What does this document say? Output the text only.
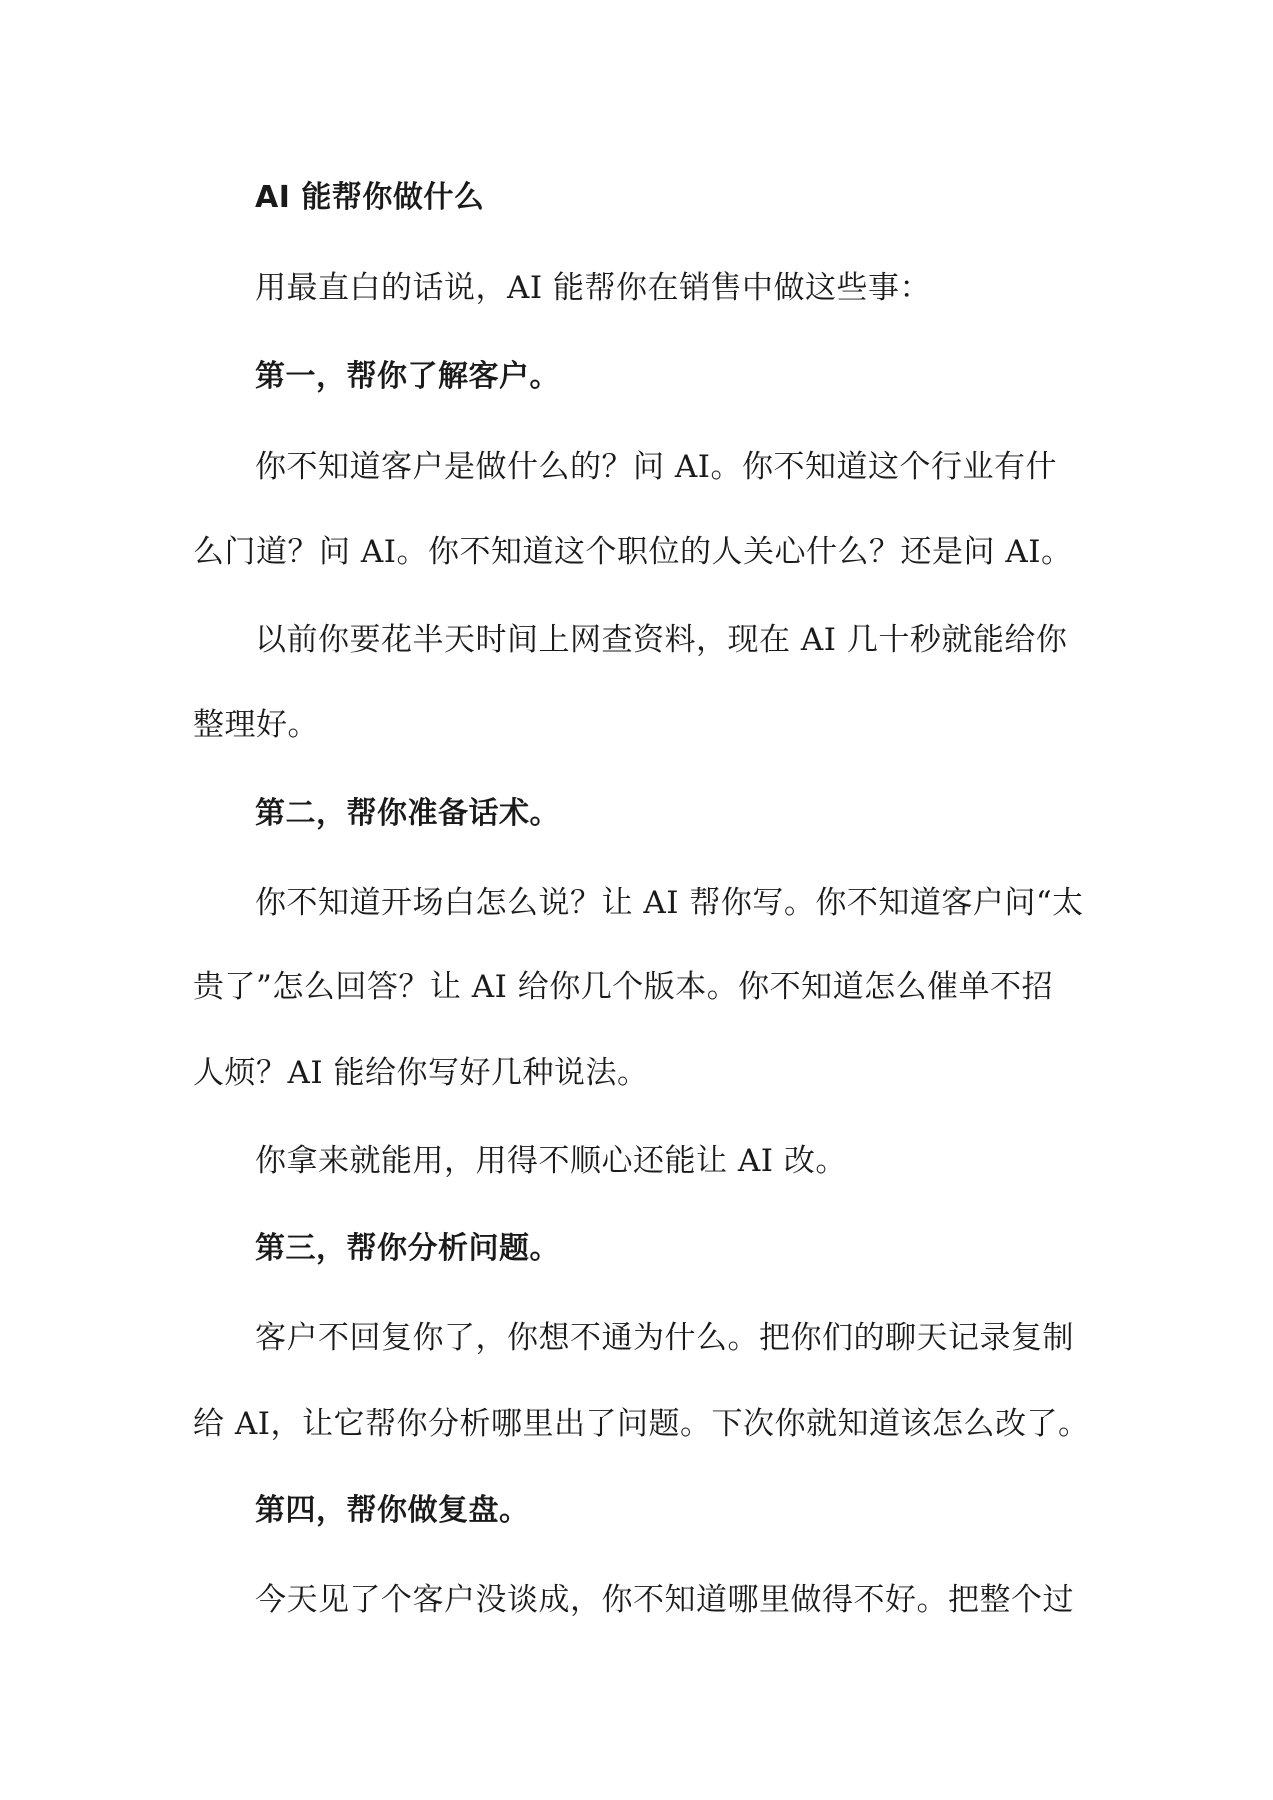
AI 能帮你做什么

用最直白的话说，AI 能帮你在销售中做这些事：

第一，帮你了解客户。

你不知道客户是做什么的？问 AI。你不知道这个行业有什

么门道？问 AI。你不知道这个职位的人关心什么？还是问 AI。

以前你要花半天时间上网查资料，现在 AI 几十秒就能给你

整理好。

第二，帮你准备话术。

你不知道开场白怎么说？让 AI 帮你写。你不知道客户问“太

贵了”怎么回答？让 AI 给你几个版本。你不知道怎么催单不招

人烦？AI 能给你写好几种说法。

你拿来就能用，用得不顺心还能让 AI 改。

第三，帮你分析问题。

客户不回复你了，你想不通为什么。把你们的聊天记录复制

给 AI，让它帮你分析哪里出了问题。下次你就知道该怎么改了。

第四，帮你做复盘。

今天见了个客户没谈成，你不知道哪里做得不好。把整个过
